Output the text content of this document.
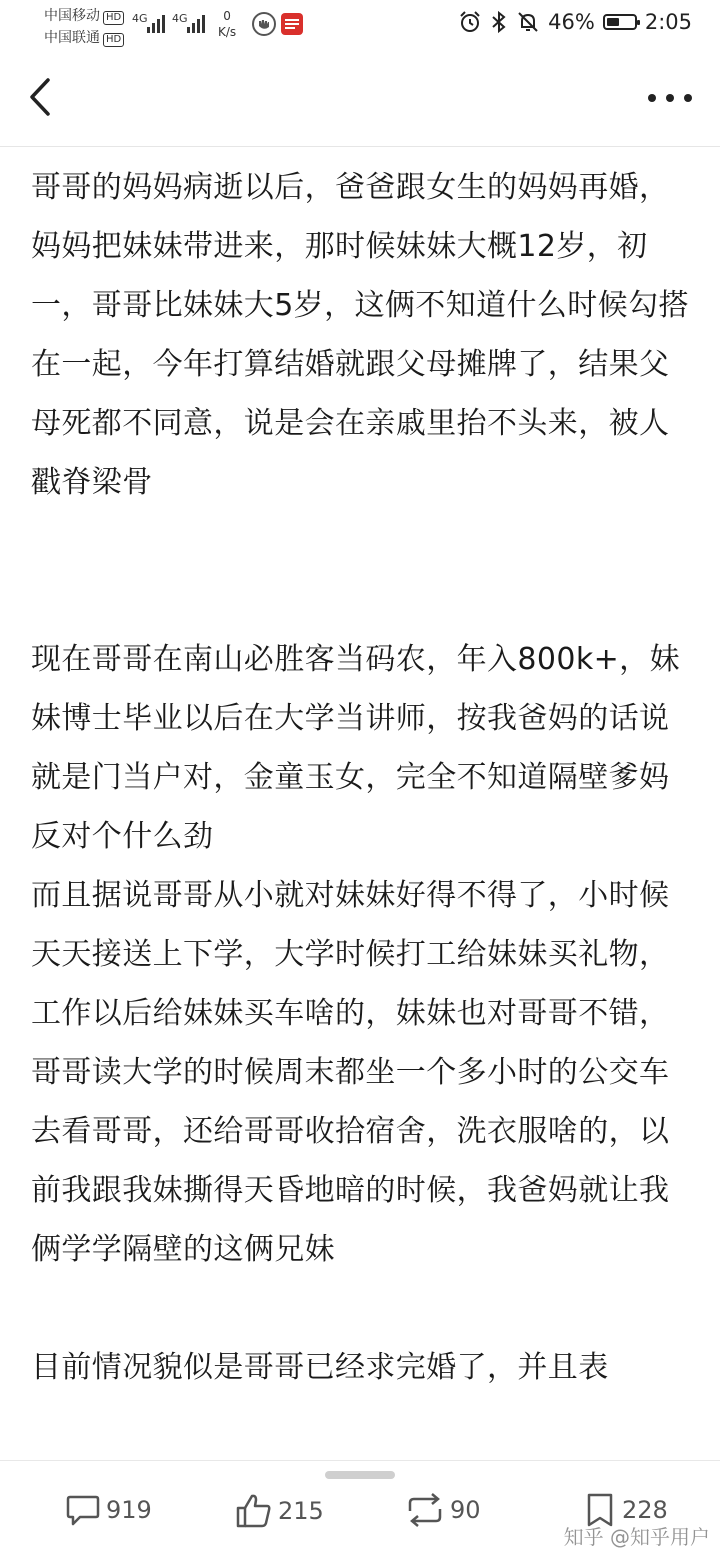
中国移动 HD
中国联通 HD
4G 4G	0
K/s	46% 2:05

哥哥的妈妈病逝以后，爸爸跟女生的妈妈再婚，妈妈把妹妹带进来，那时候妹妹大概12岁，初一，哥哥比妹妹大5岁，这俩不知道什么时候勾搭在一起，今年打算结婚就跟父母摊牌了，结果父母死都不同意，说是会在亲戚里抬不头来，被人戳脊梁骨

现在哥哥在南山必胜客当码农，年入800k+，妹妹博士毕业以后在大学当讲师，按我爸妈的话说就是门当户对，金童玉女，完全不知道隔壁爹妈反对个什么劲

而且据说哥哥从小就对妹妹好得不得了，小时候天天接送上下学，大学时候打工给妹妹买礼物，工作以后给妹妹买车啥的，妹妹也对哥哥不错，哥哥读大学的时候周末都坐一个多小时的公交车去看哥哥，还给哥哥收拾宿舍，洗衣服啥的，以前我跟我妹撕得天昏地暗的时候，我爸妈就让我俩学学隔壁的这俩兄妹

目前情况貌似是哥哥已经求完婚了，并且表

919	215	90	228
知乎 @知乎用户
